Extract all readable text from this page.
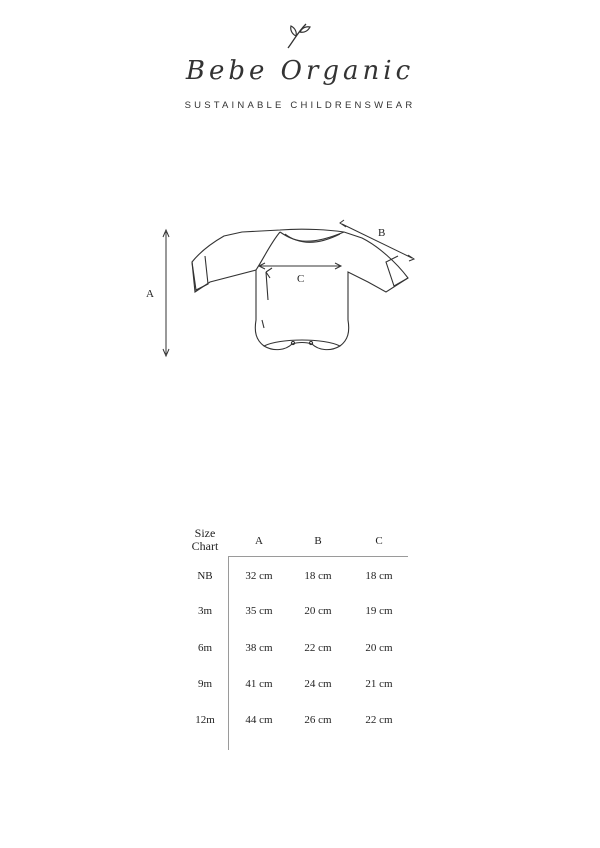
Bebe Organic
SUSTAINABLE CHILDRENSWEAR
A
B
C
Size
Chart	A	B	C
NB	32 cm	18 cm	18 cm
3m	35 cm	20 cm	19 cm
6m	38 cm	22 cm	20 cm
9m	41 cm	24 cm	21 cm
12m	44 cm	26 cm	22 cm
